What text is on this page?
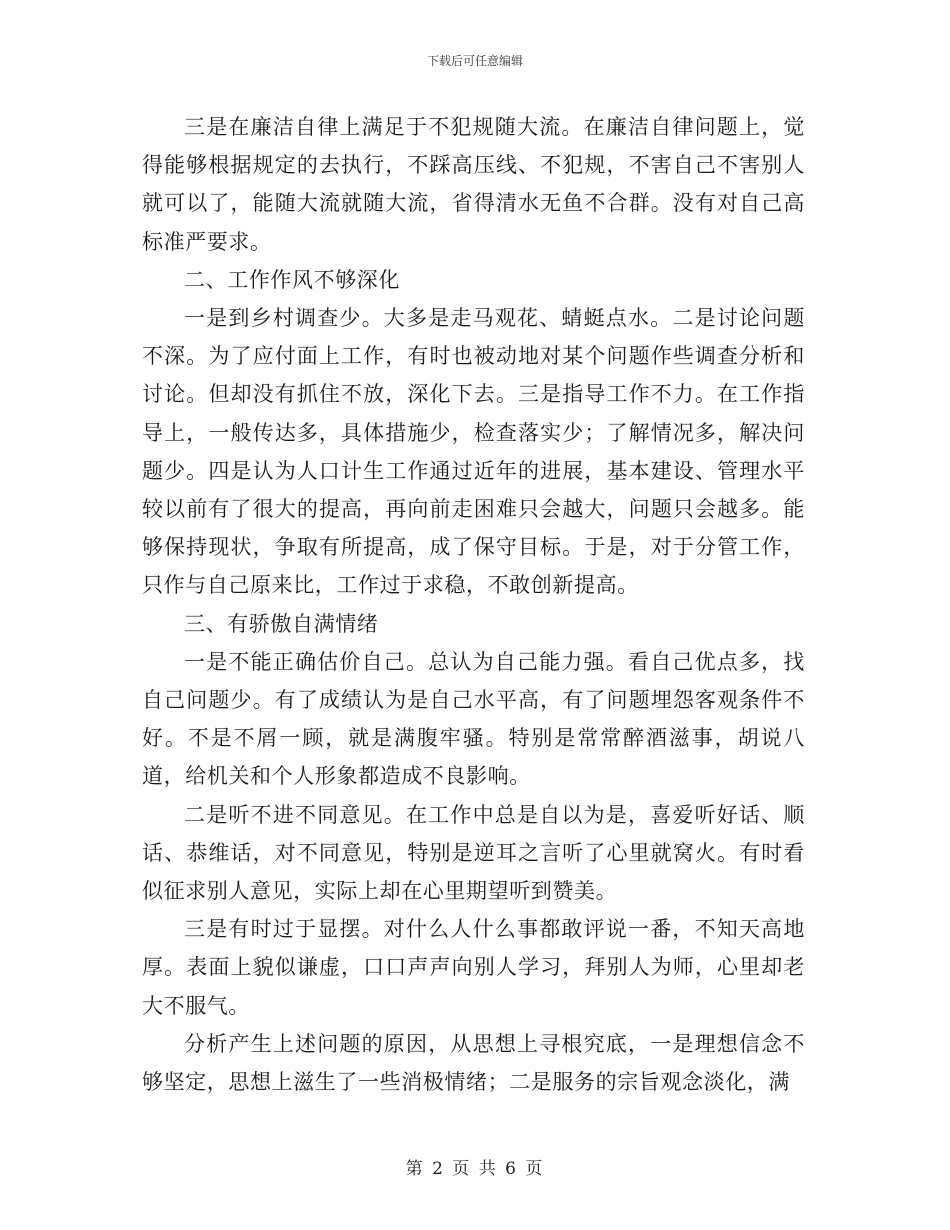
下载后可任意编辑

三是在廉洁自律上满足于不犯规随大流。在廉洁自律问题上，觉得能够根据规定的去执行，不踩高压线、不犯规，不害自己不害别人就可以了，能随大流就随大流，省得清水无鱼不合群。没有对自己高标准严要求。

二、工作作风不够深化

一是到乡村调查少。大多是走马观花、蜻蜓点水。二是讨论问题不深。为了应付面上工作，有时也被动地对某个问题作些调查分析和讨论。但却没有抓住不放，深化下去。三是指导工作不力。在工作指导上，一般传达多，具体措施少，检查落实少；了解情况多，解决问题少。四是认为人口计生工作通过近年的进展，基本建设、管理水平较以前有了很大的提高，再向前走困难只会越大，问题只会越多。能够保持现状，争取有所提高，成了保守目标。于是，对于分管工作，只作与自己原来比，工作过于求稳，不敢创新提高。

三、有骄傲自满情绪

一是不能正确估价自己。总认为自己能力强。看自己优点多，找自己问题少。有了成绩认为是自己水平高，有了问题埋怨客观条件不好。不是不屑一顾，就是满腹牢骚。特别是常常醉酒滋事，胡说八道，给机关和个人形象都造成不良影响。

二是听不进不同意见。在工作中总是自以为是，喜爱听好话、顺话、恭维话，对不同意见，特别是逆耳之言听了心里就窝火。有时看似征求别人意见，实际上却在心里期望听到赞美。

三是有时过于显摆。对什么人什么事都敢评说一番，不知天高地厚。表面上貌似谦虚，口口声声向别人学习，拜别人为师，心里却老大不服气。

分析产生上述问题的原因，从思想上寻根究底，一是理想信念不够坚定，思想上滋生了一些消极情绪；二是服务的宗旨观念淡化，满

第 2 页 共 6 页
